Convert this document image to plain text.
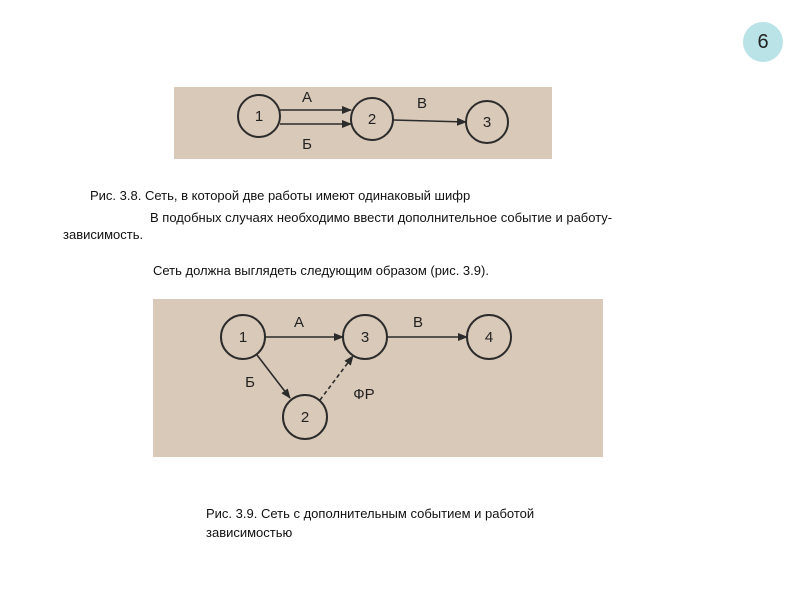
6
1	2	3
А
Б
В
Рис. 3.8. Сеть, в которой две работы имеют одинаковый шифр
В подобных случаях необходимо ввести дополнительное событие и работу-
зависимость.
Сеть должна выглядеть следующим образом (рис. 3.9).
1
2
3	4
А	В
Б
ФР
Рис. 3.9. Сеть с дополнительным событием и работой
зависимостью
